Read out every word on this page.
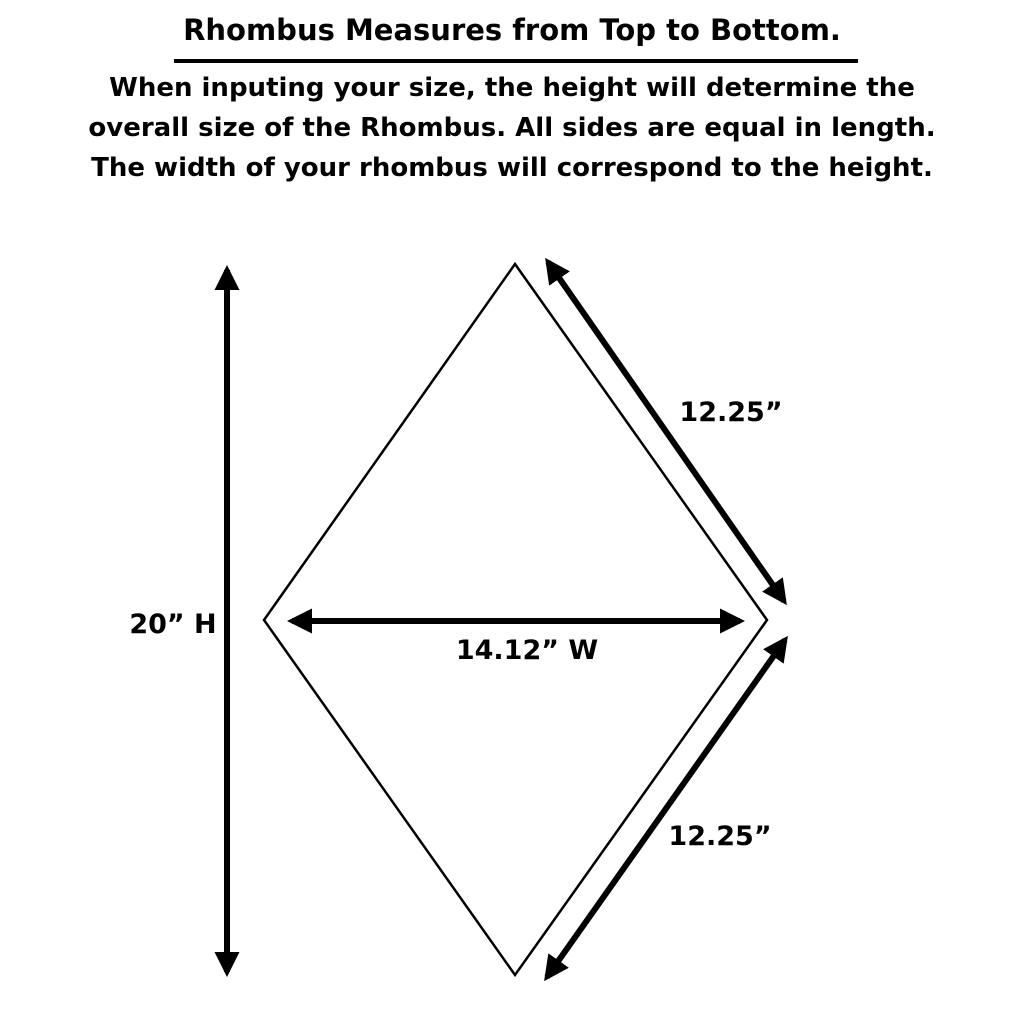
Rhombus Measures from Top to Bottom.
When inputing your size, the height will determine the
overall size of the Rhombus. All sides are equal in length.
The width of your rhombus will correspond to the height.
20” H
14.12” W
12.25”
12.25”
